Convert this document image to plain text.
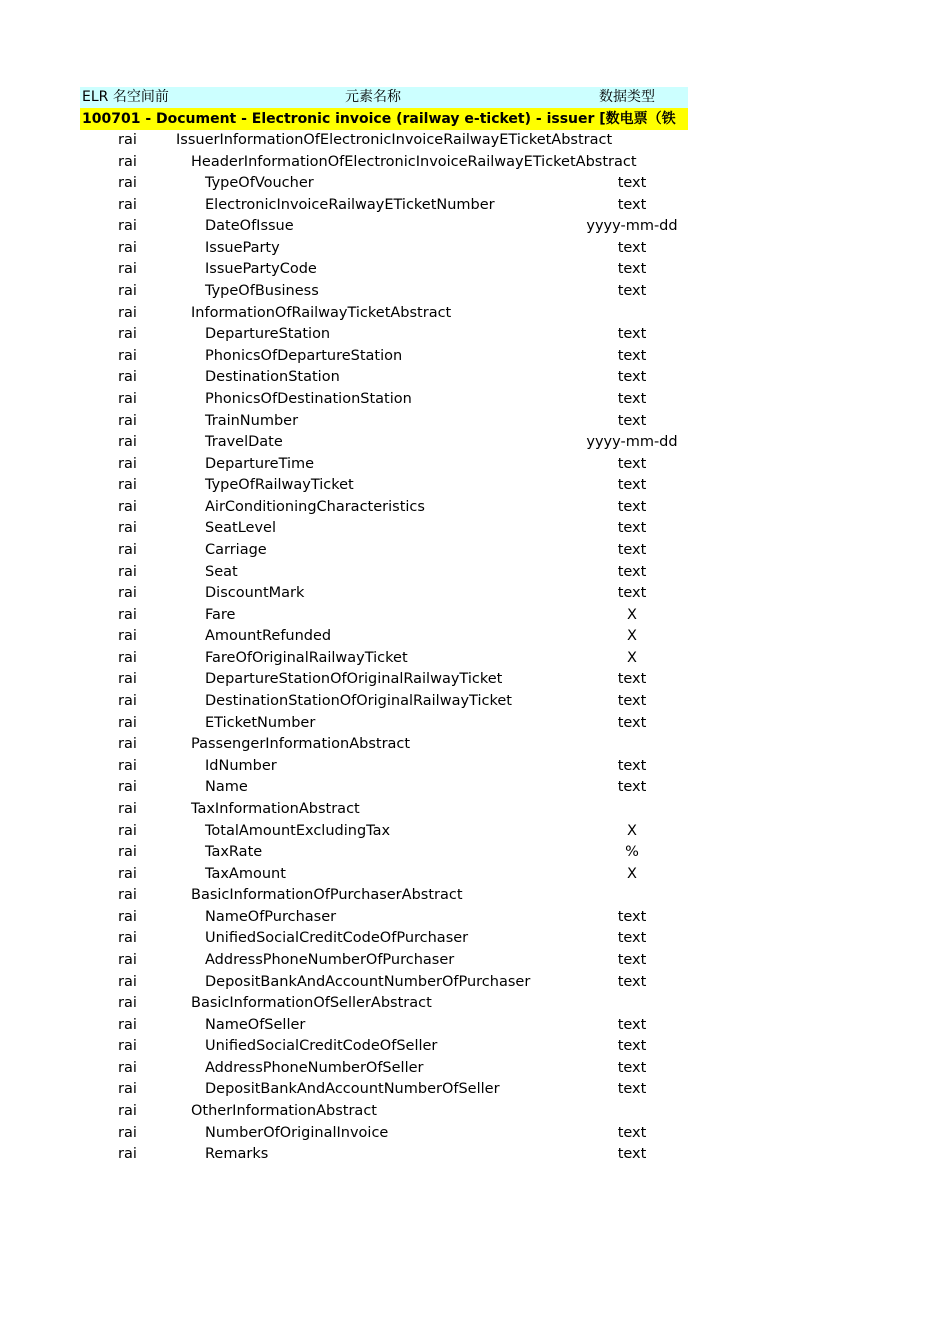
ELR 名空间前	元素名称	数据类型
100701 - Document - Electronic invoice (railway e-ticket) - issuer [数电票（铁
rai	IssuerInformationOfElectronicInvoiceRailwayETicketAbstract
rai	HeaderInformationOfElectronicInvoiceRailwayETicketAbstract
rai	TypeOfVoucher	text
rai	ElectronicInvoiceRailwayETicketNumber	text
rai	DateOfIssue	yyyy-mm-dd
rai	IssueParty	text
rai	IssuePartyCode	text
rai	TypeOfBusiness	text
rai	InformationOfRailwayTicketAbstract
rai	DepartureStation	text
rai	PhonicsOfDepartureStation	text
rai	DestinationStation	text
rai	PhonicsOfDestinationStation	text
rai	TrainNumber	text
rai	TravelDate	yyyy-mm-dd
rai	DepartureTime	text
rai	TypeOfRailwayTicket	text
rai	AirConditioningCharacteristics	text
rai	SeatLevel	text
rai	Carriage	text
rai	Seat	text
rai	DiscountMark	text
rai	Fare	X
rai	AmountRefunded	X
rai	FareOfOriginalRailwayTicket	X
rai	DepartureStationOfOriginalRailwayTicket	text
rai	DestinationStationOfOriginalRailwayTicket	text
rai	ETicketNumber	text
rai	PassengerInformationAbstract
rai	IdNumber	text
rai	Name	text
rai	TaxInformationAbstract
rai	TotalAmountExcludingTax	X
rai	TaxRate	%
rai	TaxAmount	X
rai	BasicInformationOfPurchaserAbstract
rai	NameOfPurchaser	text
rai	UnifiedSocialCreditCodeOfPurchaser	text
rai	AddressPhoneNumberOfPurchaser	text
rai	DepositBankAndAccountNumberOfPurchaser	text
rai	BasicInformationOfSellerAbstract
rai	NameOfSeller	text
rai	UnifiedSocialCreditCodeOfSeller	text
rai	AddressPhoneNumberOfSeller	text
rai	DepositBankAndAccountNumberOfSeller	text
rai	OtherInformationAbstract
rai	NumberOfOriginalInvoice	text
rai	Remarks	text
